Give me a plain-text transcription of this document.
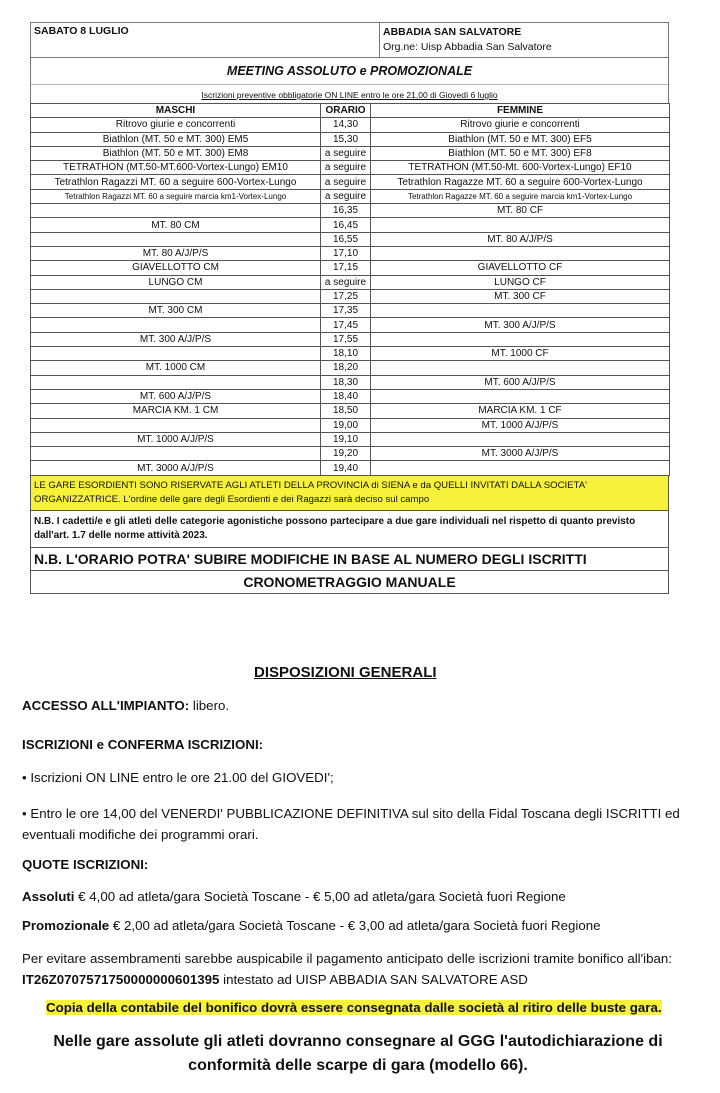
SABATO 8 LUGLIO	ABBADIA SAN SALVATORE
Org.ne: Uisp Abbadia San Salvatore
MEETING ASSOLUTO e PROMOZIONALE
Iscrizioni preventive obbligatorie ON LINE entro le ore 21,00 di Giovedì 6 luglio
MASCHI	ORARIO	FEMMINE
Ritrovo giurie e concorrenti	14,30	Ritrovo giurie e concorrenti
Biathlon (MT. 50 e MT. 300) EM5	15,30	Biathlon (MT. 50 e MT. 300) EF5
Biathlon (MT. 50 e MT. 300) EM8	a seguire	Biathlon (MT. 50 e MT. 300) EF8
TETRATHON (MT.50-MT.600-Vortex-Lungo) EM10	a seguire	TETRATHON (MT.50-Mt. 600-Vortex-Lungo) EF10
Tetrathlon Ragazzi MT. 60 a seguire 600-Vortex-Lungo	a seguire	Tetrathlon Ragazze MT. 60 a seguire 600-Vortex-Lungo
Tetrathlon Ragazzi MT. 60 a seguire marcia km1-Vortex-Lungo	a seguire	Tetrathlon Ragazze MT. 60 a seguire marcia km1-Vortex-Lungo
	16,35	MT. 80 CF
MT. 80 CM	16,45	
	16,55	MT. 80 A/J/P/S
MT. 80 A/J/P/S	17,10	
GIAVELLOTTO CM	17,15	GIAVELLOTTO CF
LUNGO CM	a seguire	LUNGO CF
	17,25	MT. 300 CF
MT. 300 CM	17,35	
	17,45	MT. 300 A/J/P/S
MT. 300 A/J/P/S	17,55	
	18,10	MT. 1000 CF
MT. 1000 CM	18,20	
	18,30	MT. 600 A/J/P/S
MT. 600 A/J/P/S	18,40	
MARCIA KM. 1 CM	18,50	MARCIA KM. 1 CF
	19,00	MT. 1000 A/J/P/S
MT. 1000 A/J/P/S	19,10	
	19,20	MT. 3000 A/J/P/S
MT. 3000 A/J/P/S	19,40	
LE GARE ESORDIENTI SONO RISERVATE AGLI ATLETI DELLA PROVINCIA di SIENA e da QUELLI INVITATI DALLA SOCIETA' ORGANIZZATRICE. L'ordine delle gare degli Esordienti e dei Ragazzi sarà deciso sul campo
N.B. I cadetti/e e gli atleti delle categorie agonistiche possono partecipare a due gare individuali nel rispetto di quanto previsto dall'art. 1.7 delle norme attività 2023.
N.B. L'ORARIO POTRA' SUBIRE MODIFICHE IN BASE AL NUMERO DEGLI ISCRITTI
CRONOMETRAGGIO MANUALE
DISPOSIZIONI GENERALI

ACCESSO ALL'IMPIANTO: libero.

ISCRIZIONI e CONFERMA ISCRIZIONI:

• Iscrizioni ON LINE entro le ore 21.00 del GIOVEDI';

• Entro le ore 14,00 del VENERDI' PUBBLICAZIONE DEFINITIVA sul sito della Fidal Toscana degli ISCRITTI ed eventuali modifiche dei programmi orari.

QUOTE ISCRIZIONI:

Assoluti € 4,00 ad atleta/gara Società Toscane - € 5,00 ad atleta/gara Società fuori Regione

Promozionale € 2,00 ad atleta/gara Società Toscane - € 3,00 ad atleta/gara Società fuori Regione

Per evitare assembramenti sarebbe auspicabile il pagamento anticipato delle iscrizioni tramite bonifico all'iban: IT26Z0707571750000000601395 intestato ad UISP ABBADIA SAN SALVATORE ASD

Copia della contabile del bonifico dovrà essere consegnata dalle società al ritiro delle buste gara.

Nelle gare assolute gli atleti dovranno consegnare al GGG l'autodichiarazione di conformità delle scarpe di gara (modello 66).
